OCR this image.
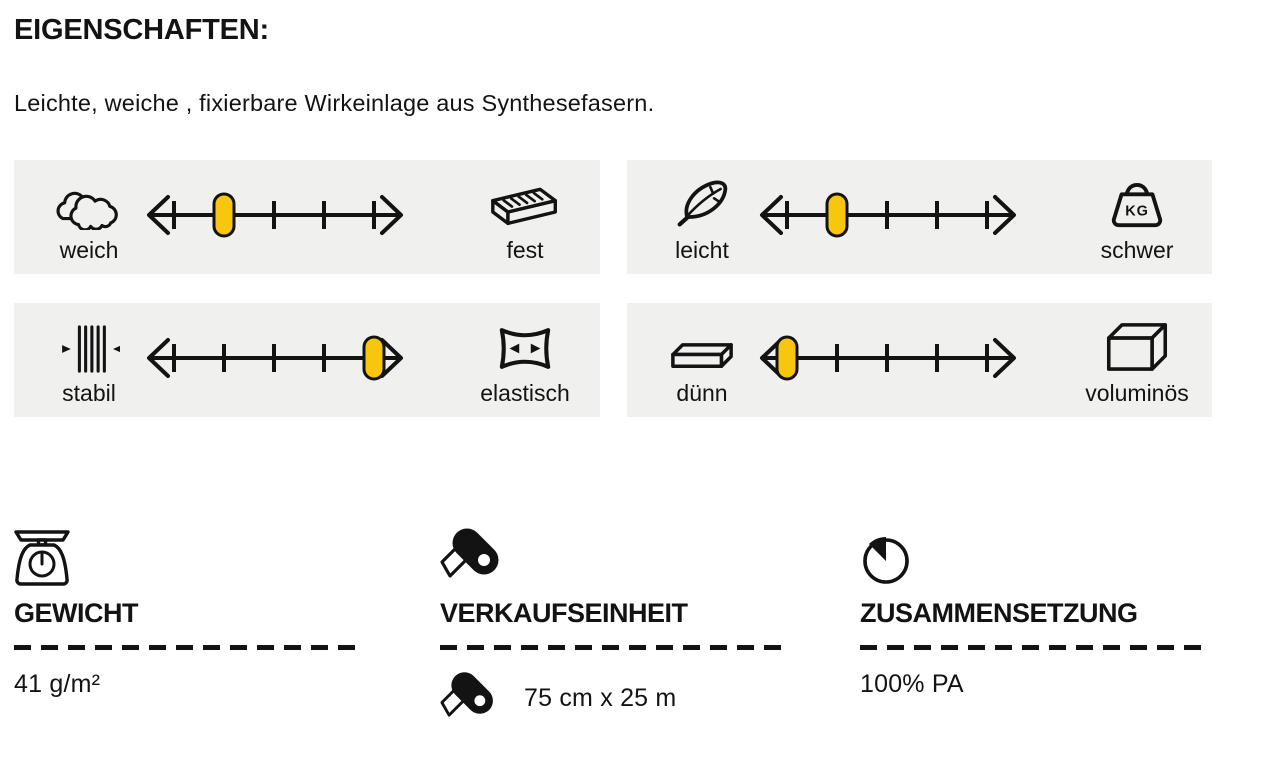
EIGENSCHAFTEN:

Leichte, weiche , fixierbare Wirkeinlage aus Synthesefasern.

weich	fest	leicht
KG
schwer
stabil	elastisch	dünn	voluminös
GEWICHT
41 g/m²
VERKAUFSEINHEIT
75 cm x 25 m
ZUSAMMENSETZUNG
100% PA
